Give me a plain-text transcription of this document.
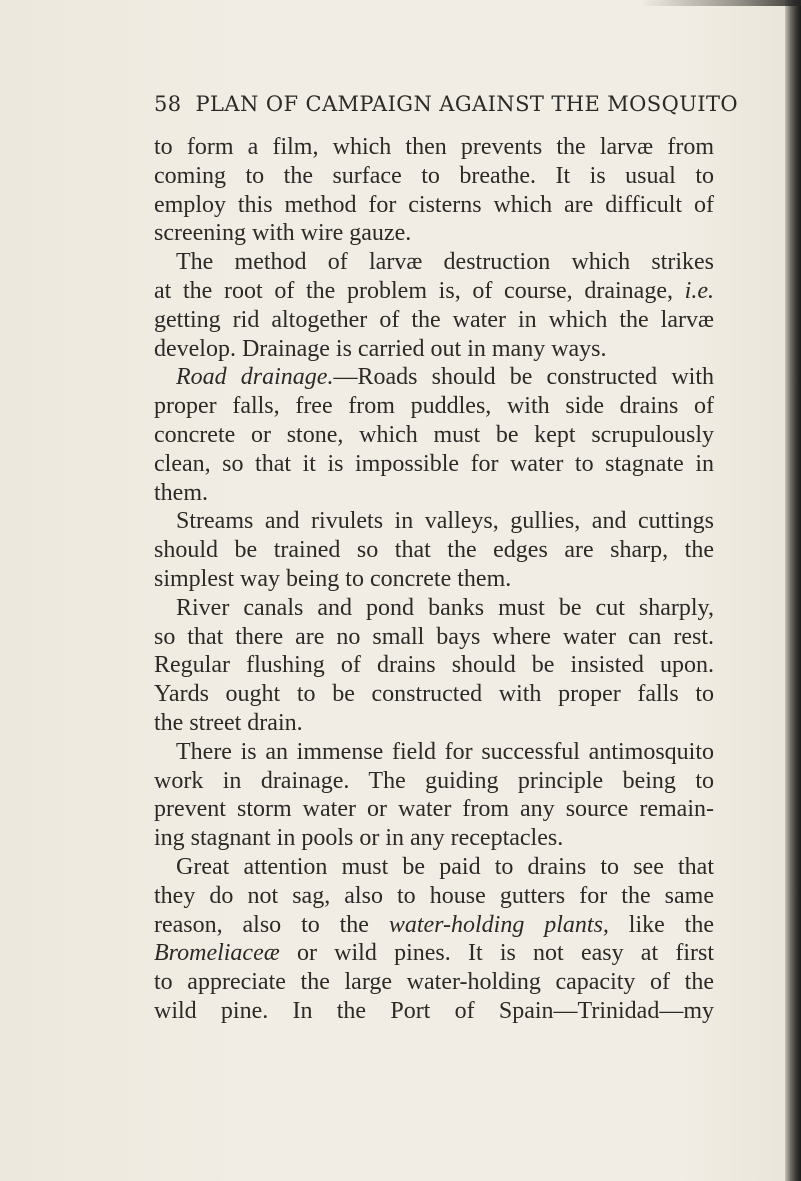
58 PLAN OF CAMPAIGN AGAINST THE MOSQUITO
to form a film, which then prevents the larvæ from
coming to the surface to breathe. It is usual to
employ this method for cisterns which are difficult of
screening with wire gauze.
The method of larvæ destruction which strikes
at the root of the problem is, of course, drainage, i.e.
getting rid altogether of the water in which the larvæ
develop. Drainage is carried out in many ways.
Road drainage.—Roads should be constructed with
proper falls, free from puddles, with side drains of
concrete or stone, which must be kept scrupulously
clean, so that it is impossible for water to stagnate in
them.
Streams and rivulets in valleys, gullies, and cuttings
should be trained so that the edges are sharp, the
simplest way being to concrete them.
River canals and pond banks must be cut sharply,
so that there are no small bays where water can rest.
Regular flushing of drains should be insisted upon.
Yards ought to be constructed with proper falls to
the street drain.
There is an immense field for successful antimosquito
work in drainage. The guiding principle being to
prevent storm water or water from any source remain-
ing stagnant in pools or in any receptacles.
Great attention must be paid to drains to see that
they do not sag, also to house gutters for the same
reason, also to the water-holding plants, like the
Bromeliaceæ or wild pines. It is not easy at first
to appreciate the large water-holding capacity of the
wild pine. In the Port of Spain—Trinidad—my
